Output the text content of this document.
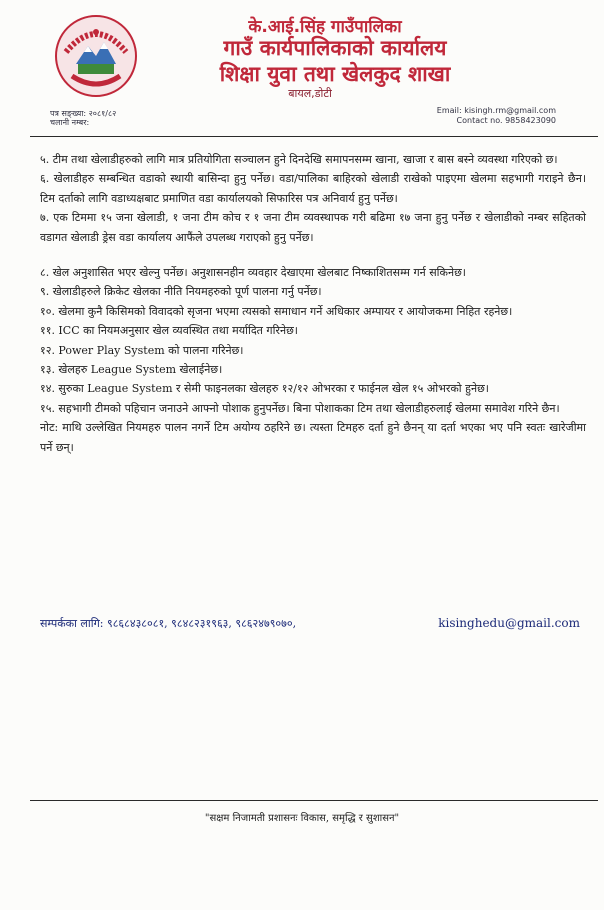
के.आई.सिंह गाउँपालिका
गाउँ कार्यपालिकाको कार्यालय
शिक्षा युवा तथा खेलकुद शाखा
बायल,डोटी
पत्र सङ्ख्या: २०८१/८२
चलानी नम्बर:
Email: kisingh.rm@gmail.com
Contact no. 9858423090

५. टीम तथा खेलाडीहरुको लागि मात्र प्रतियोगिता सञ्चालन हुने दिनदेखि समापनसम्म खाना, खाजा र बास बस्ने व्यवस्था गरिएको छ।

६. खेलाडीहरु सम्बन्धित वडाको स्थायी बासिन्दा हुनु पर्नेछ। वडा/पालिका बाहिरको खेलाडी राखेको पाइएमा खेलमा सहभागी गराइने छैन। टिम दर्ताको लागि वडाध्यक्षबाट प्रमाणित वडा कार्यालयको सिफारिस पत्र अनिवार्य हुनु पर्नेछ।

७. एक टिममा १५ जना खेलाडी, १ जना टीम कोच र १ जना टीम व्यवस्थापक गरी बढिमा १७ जना हुनु पर्नेछ र खेलाडीको नम्बर सहितको वडागत खेलाडी ड्रेस वडा कार्यालय आफैंले उपलब्ध गराएको हुनु पर्नेछ।

८. खेल अनुशासित भएर खेल्नु पर्नेछ। अनुशासनहीन व्यवहार देखाएमा खेलबाट निष्काशितसम्म गर्न सकिनेछ।

९. खेलाडीहरुले क्रिकेट खेलका नीति नियमहरुको पूर्ण पालना गर्नु पर्नेछ।

१०. खेलमा कुनै किसिमको विवादको सृजना भएमा त्यसको समाधान गर्ने अधिकार अम्पायर र आयोजकमा निहित रहनेछ।

११. ICC का नियमअनुसार खेल व्यवस्थित तथा मर्यादित गरिनेछ।

१२. Power Play System को पालना गरिनेछ।

१३. खेलहरु League System खेलाईनेछ।

१४. सुरुका League System र सेमी फाइनलका खेलहरु १२/१२ ओभरका र फाईनल खेल १५ ओभरको हुनेछ।

१५. सहभागी टीमको पहिचान जनाउने आफ्नो पोशाक हुनुपर्नेछ। बिना पोशाकका टिम तथा खेलाडीहरुलाई खेलमा समावेश गरिने छैन।

नोट: माथि उल्लेखित नियमहरु पालन नगर्ने टिम अयोग्य ठहरिने छ। त्यस्ता टिमहरु दर्ता हुने छैनन् या दर्ता भएका भए पनि स्वतः खारेजीमा पर्ने छन्।

सम्पर्कका लागि: ९८६८४३८०८१, ९८४८२३१९६३, ९८६२४७९०७०,	kisinghedu@gmail.com
"सक्षम निजामती प्रशासनः विकास, समृद्धि र सुशासन"
